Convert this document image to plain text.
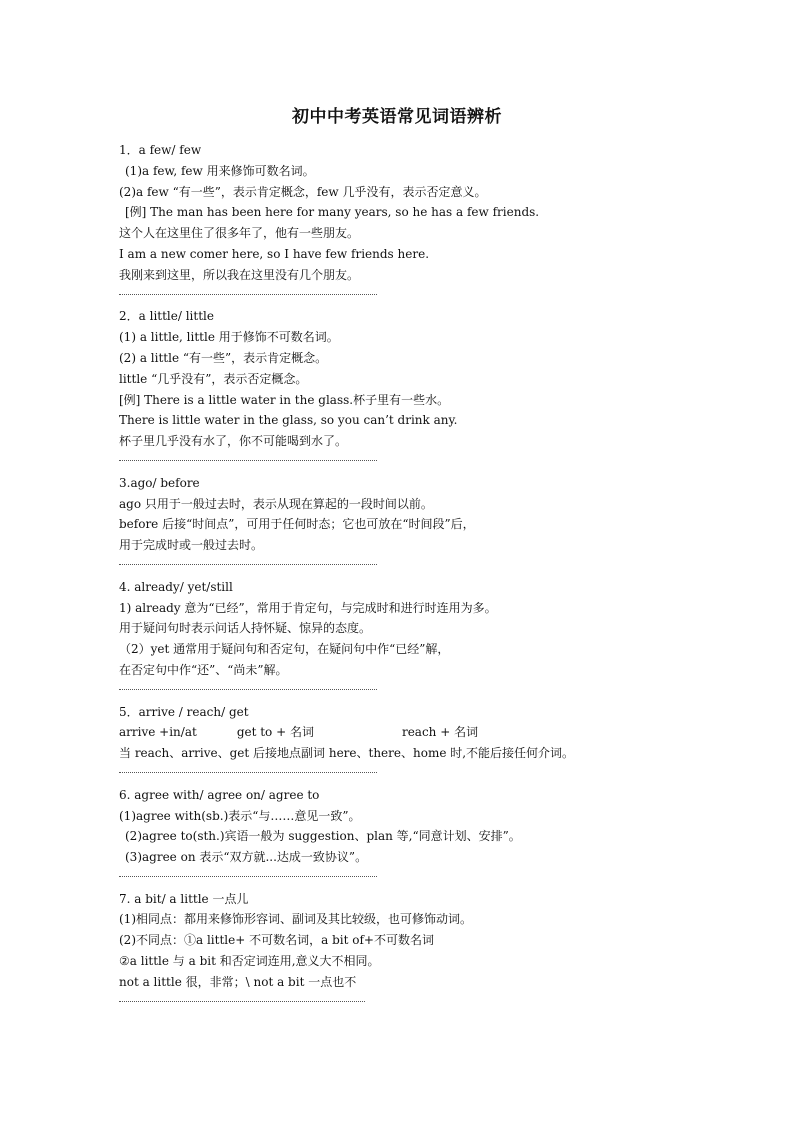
初中中考英语常见词语辨析
1．a few/ few
(1)a few, few 用来修饰可数名词。
(2)a few “有一些”，表示肯定概念，few 几乎没有，表示否定意义。
[例] The man has been here for many years, so he has a few friends.
这个人在这里住了很多年了，他有一些朋友。
I am a new comer here, so I have few friends here.
我刚来到这里，所以我在这里没有几个朋友。
2．a little/ little
(1) a little, little 用于修饰不可数名词。
(2) a little “有一些”，表示肯定概念。
little “几乎没有”，表示否定概念。
[例] There is a little water in the glass.杯子里有一些水。
There is little water in the glass, so you can’t drink any.
杯子里几乎没有水了，你不可能喝到水了。
3.ago/ before
ago 只用于一般过去时，表示从现在算起的一段时间以前。
before 后接“时间点”，可用于任何时态；它也可放在“时间段”后，
用于完成时或一般过去时。
4. already/ yet/still
1) already 意为“已经”，常用于肯定句，与完成时和进行时连用为多。
用于疑问句时表示问话人持怀疑、惊异的态度。
（2）yet 通常用于疑问句和否定句，在疑问句中作“已经”解，
在否定句中作“还”、“尚未”解。
5．arrive / reach/ get
arrive +in/at	get to + 名词	reach + 名词
当 reach、arrive、get 后接地点副词 here、there、home 时,不能后接任何介词。
6. agree with/ agree on/ agree to
(1)agree with(sb.)表示“与……意见一致”。
(2)agree to(sth.)宾语一般为 suggestion、plan 等,“同意计划、安排”。
(3)agree on 表示“双方就...达成一致协议”。
7. a bit/ a little 一点儿
(1)相同点：都用来修饰形容词、副词及其比较级，也可修饰动词。
(2)不同点：①a little+ 不可数名词，a bit of+不可数名词
②a little 与 a bit 和否定词连用,意义大不相同。
not a little 很，非常；\ not a bit 一点也不
